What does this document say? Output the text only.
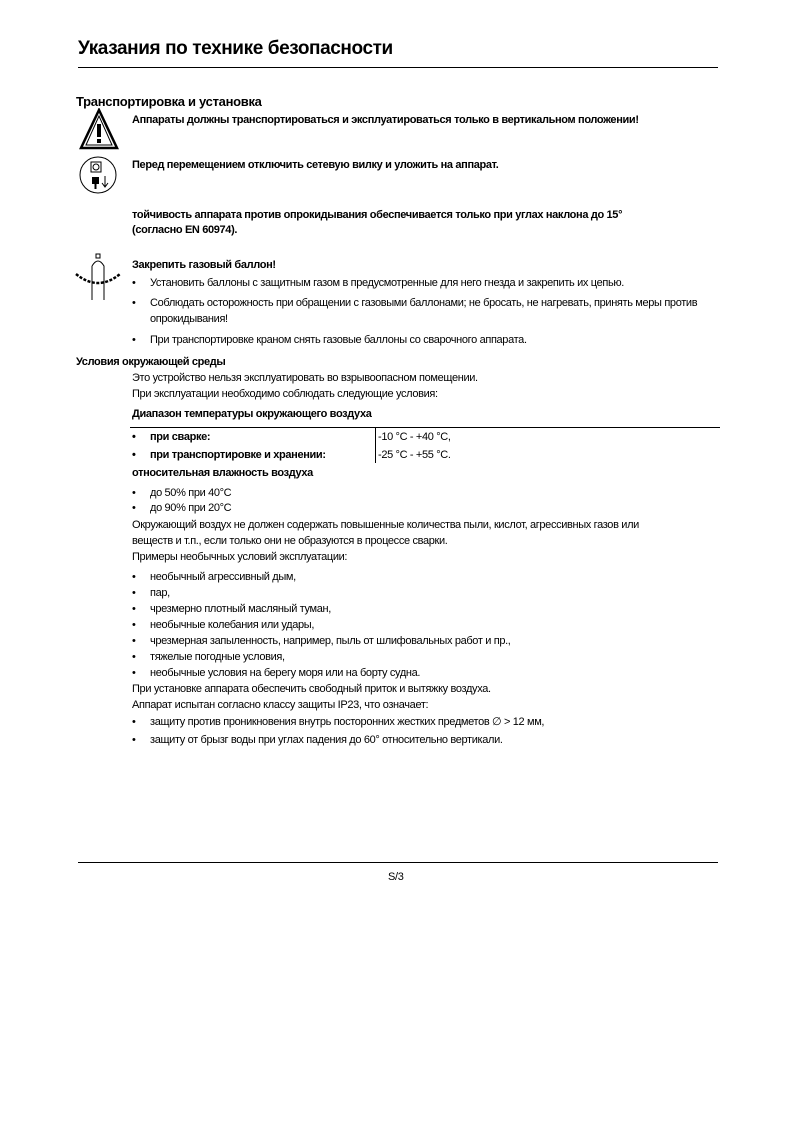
Указания по технике безопасности
Транспортировка и установка
Аппараты должны транспортироваться и эксплуатироваться только в вертикальном положении!
Перед перемещением отключить сетевую вилку и уложить на аппарат.
тойчивость аппарата против опрокидывания обеспечивается только при углах наклона до 15°
(согласно EN 60974).
Закрепить газовый баллон!
• Установить баллоны с защитным газом в предусмотренные для него гнезда и закрепить их цепью.
• Соблюдать осторожность при обращении с газовыми баллонами; не бросать, не нагревать, принять меры против
опрокидывания!
• При транспортировке краном снять газовые баллоны со сварочного аппарата.
Условия окружающей среды
Это устройство нельзя эксплуатировать во взрывоопасном помещении.
При эксплуатации необходимо соблюдать следующие условия:
Диапазон температуры окружающего воздуха
• при сварке:	-10 °C - +40 °C,
• при транспортировке и хранении:	-25 °C - +55 °C.
относительная влажность воздуха
• до 50% при 40°C
• до 90% при 20°C
Окружающий воздух не должен содержать повышенные количества пыли, кислот, агрессивных газов или
веществ и т.п., если только они не образуются в процессе сварки.
Примеры необычных условий эксплуатации:
• необычный агрессивный дым,
• пар,
• чрезмерно плотный масляный туман,
• необычные колебания или удары,
• чрезмерная запыленность, например, пыль от шлифовальных работ и пр.,
• тяжелые погодные условия,
• необычные условия на берегу моря или на борту судна.
При установке аппарата обеспечить свободный приток и вытяжку воздуха.
Аппарат испытан согласно классу защиты IP23, что означает:
• защиту против проникновения внутрь посторонних жестких предметов ∅ > 12 мм,
• защиту от брызг воды при углах падения до 60° относительно вертикали.
S/3
